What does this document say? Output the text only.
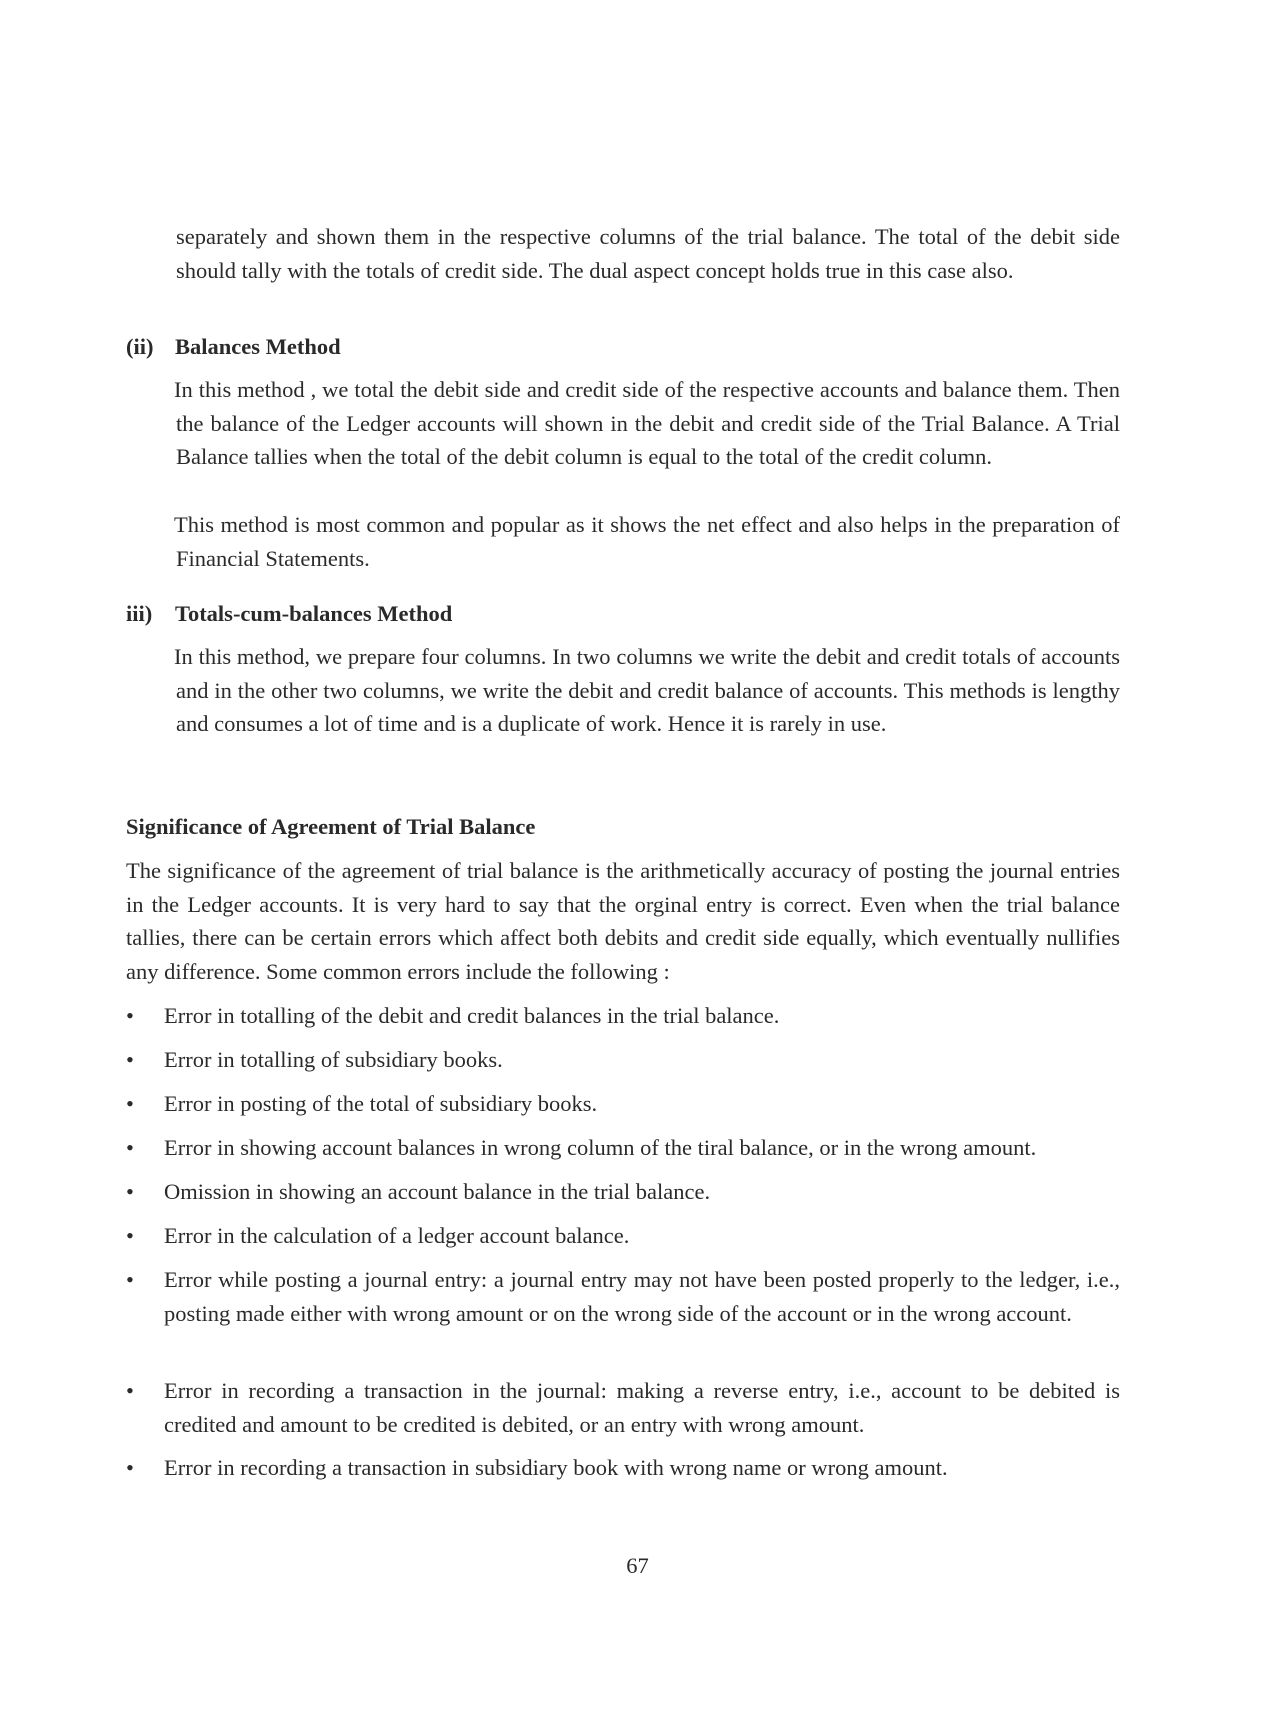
separately and shown them in the respective columns of the trial balance. The total of the debit side should tally with the totals of credit side. The dual aspect concept holds true in this case also.

(ii) Balances Method

In this method , we total the debit side and credit side of the respective accounts and balance them. Then the balance of the Ledger accounts will shown in the debit and credit side of the Trial Balance. A Trial Balance tallies when the total of the debit column is equal to the total of the credit column.

This method is most common and popular as it shows the net effect and also helps in the preparation of Financial Statements.

iii) Totals-cum-balances Method

In this method, we prepare four columns. In two columns we write the debit and credit totals of accounts and in the other two columns, we write the debit and credit balance of accounts. This methods is lengthy and consumes a lot of time and is a duplicate of work. Hence it is rarely in use.

Significance of Agreement of Trial Balance

The significance of the agreement of trial balance is the arithmetically accuracy of posting the journal entries in the Ledger accounts. It is very hard to say that the orginal entry is correct. Even when the trial balance tallies, there can be certain errors which affect both debits and credit side equally, which eventually nullifies any difference. Some common errors include the following :

•	Error in totalling of the debit and credit balances in the trial balance.
•	Error in totalling of subsidiary books.
•	Error in posting of the total of subsidiary books.
•	Error in showing account balances in wrong column of the tiral balance, or in the wrong amount.
•	Omission in showing an account balance in the trial balance.
•	Error in the calculation of a ledger account balance.
•	Error while posting a journal entry: a journal entry may not have been posted properly to the ledger, i.e., posting made either with wrong amount or on the wrong side of the account or in the wrong account.
•	Error in recording a transaction in the journal: making a reverse entry, i.e., account to be debited is credited and amount to be credited is debited, or an entry with wrong amount.
•	Error in recording a transaction in subsidiary book with wrong name or wrong amount.
67
